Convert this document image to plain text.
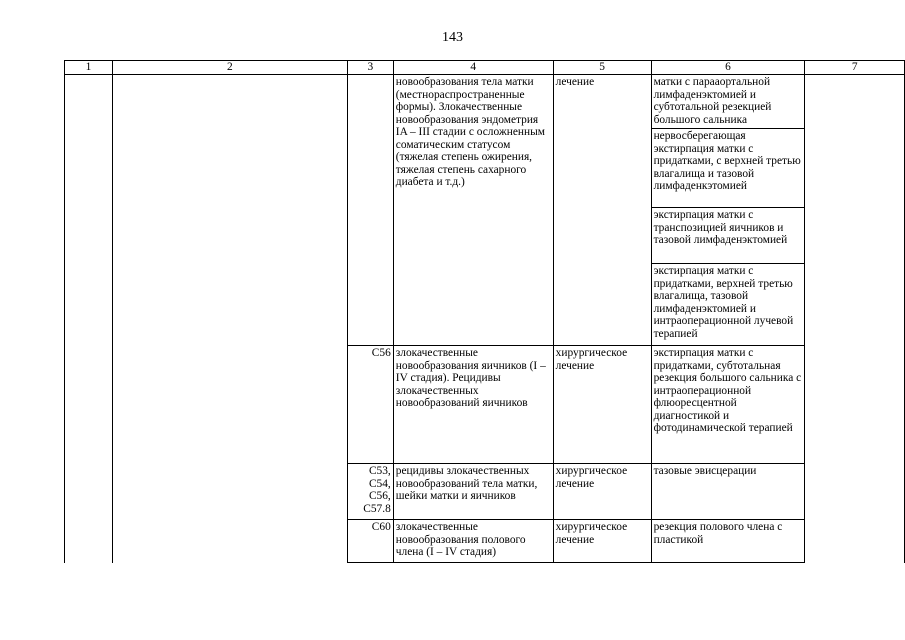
143
1	2	3	4	5	6	7
			новообразования тела матки (местнораспространенные формы). Злокачественные новообразования эндометрия IA – III стадии с осложненным соматическим статусом (тяжелая степень ожирения, тяжелая степень сахарного диабета и т.д.)	лечение	матки с парааортальной лимфаденэктомией и субтотальной резекцией большого сальника	
					нервосберегающая экстирпация матки с придатками, с верхней третью влагалища и тазовой лимфаденкэтомией	
					экстирпация матки с транспозицией яичников и тазовой лимфаденэктомией	
					экстирпация матки с придатками, верхней третью влагалища, тазовой лимфаденэктомией и интраоперационной лучевой терапией	
		C56	злокачественные новообразования яичников (I – IV стадия). Рецидивы злокачественных новообразований яичников	хирургическое лечение	экстирпация матки с придатками, субтотальная резекция большого сальника с интраоперационной флюоресцентной диагностикой и фотодинамической терапией	
		C53, C54, C56, C57.8	рецидивы злокачественных новообразований тела матки, шейки матки и яичников	хирургическое лечение	тазовые эвисцерации	
		C60	злокачественные новообразования полового члена (I – IV стадия)	хирургическое лечение	резекция полового члена с пластикой	
